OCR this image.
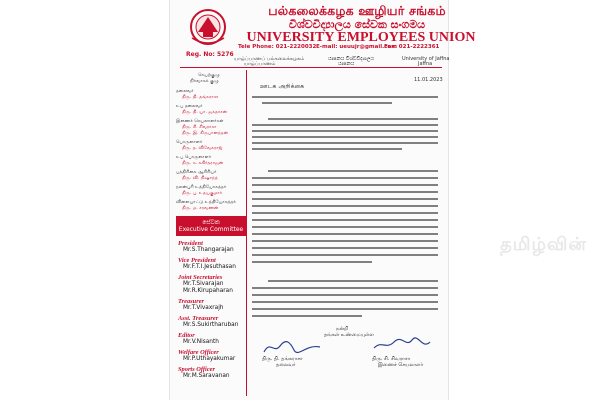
பல்கலைக்கழக ஊழியர் சங்கம்
විශ්වවිද්‍යාලය සේවක සංගමය
UNIVERSITY EMPLOYEES UNION
Tele Phone: 021-2220032 E-mail: ueuujr@gmail.com
Fax: 021-2222361
Reg. No: 5276
யாழ்ப்பாணப் பல்கலைக்கழகம்
யாழ்ப்பாணம்
යාපනය විශ්වවිද්‍යාලය
යාපනය
University of Jaffna
Jaffna
செயற்குழு
நிர்வாகக் குழு
தலைவர்
திரு. தி. தங்கராசா
உப தலைவர்
திரு. தி. யா. ஜசுதாசன்
இணைச் செயலாளர்கள்
திரு. சி. சிவராசா
திரு. இ. கிருபானந்தன்
பொருளாளர்
திரு. த. விவேகராஜ்
உப பொருளாளர்
திரு. சு. சுகிர்தராஜன்
பத்திரிகை ஆசிரியர்
திரு. வி. நிஷாந்த்
நலன்புரி உத்தியோகத்தர்
திரு. பு. உதயகுமார்
விளையாட்டு உத்தியோகத்தர்
திரு. ம. சரவணன்
සේවක
Executive Committee
President
Mr.S.Thangarajan
Vice President
Mr.F.T.I.Jesuthasan
Joint Secretaries
Mr.T.Sivarajan
Mr.R.Kirupaharan
Treasurer
Mr.T.Vivaxrajh
Asst. Treasurer
Mr.S.Sukirtharuban
Editor
Mr.V.Nisanth
Welfare Officer
Mr.P.Uthayakumar
Sports Officer
Mr.M.Saravanan
11.01.2023
ஊடக அறிக்கை
நன்றி
தங்கள் உண்மையுள்ள
திரு. தி. தங்கராசா
தலைவர்
திரு. சி. சிவராசா
இணைச் செயலாளர்
தமிழ்வின்
